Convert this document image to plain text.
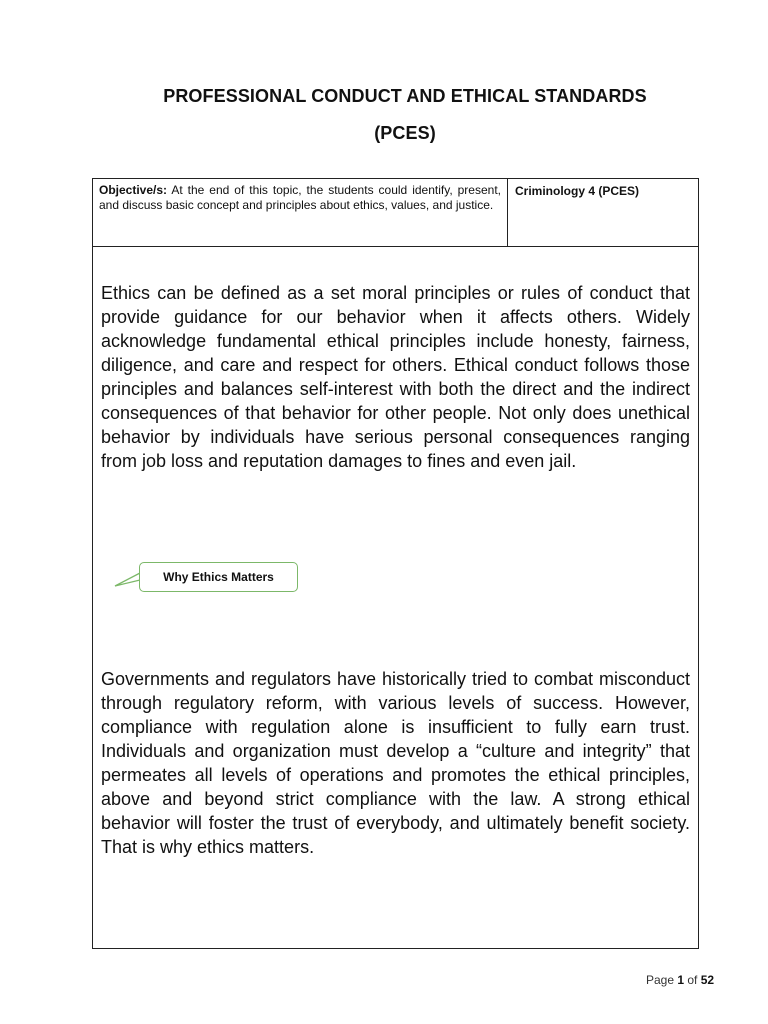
PROFESSIONAL CONDUCT AND ETHICAL STANDARDS
(PCES)
Objective/s: At the end of this topic, the students could identify, present, and discuss basic concept and principles about ethics, values, and justice.
Criminology 4 (PCES)
Ethics can be defined as a set moral principles or rules of conduct that provide guidance for our behavior when it affects others. Widely acknowledge fundamental ethical principles include honesty, fairness, diligence, and care and respect for others. Ethical conduct follows those principles and balances self-interest with both the direct and the indirect consequences of that behavior for other people. Not only does unethical behavior by individuals have serious personal consequences ranging from job loss and reputation damages to fines and even jail.
Why Ethics Matters
Governments and regulators have historically tried to combat misconduct through regulatory reform, with various levels of success. However, compliance with regulation alone is insufficient to fully earn trust. Individuals and organization must develop a “culture and integrity” that permeates all levels of operations and promotes the ethical principles, above and beyond strict compliance with the law. A strong ethical behavior will foster the trust of everybody, and ultimately benefit society. That is why ethics matters.
Page 1 of 52
